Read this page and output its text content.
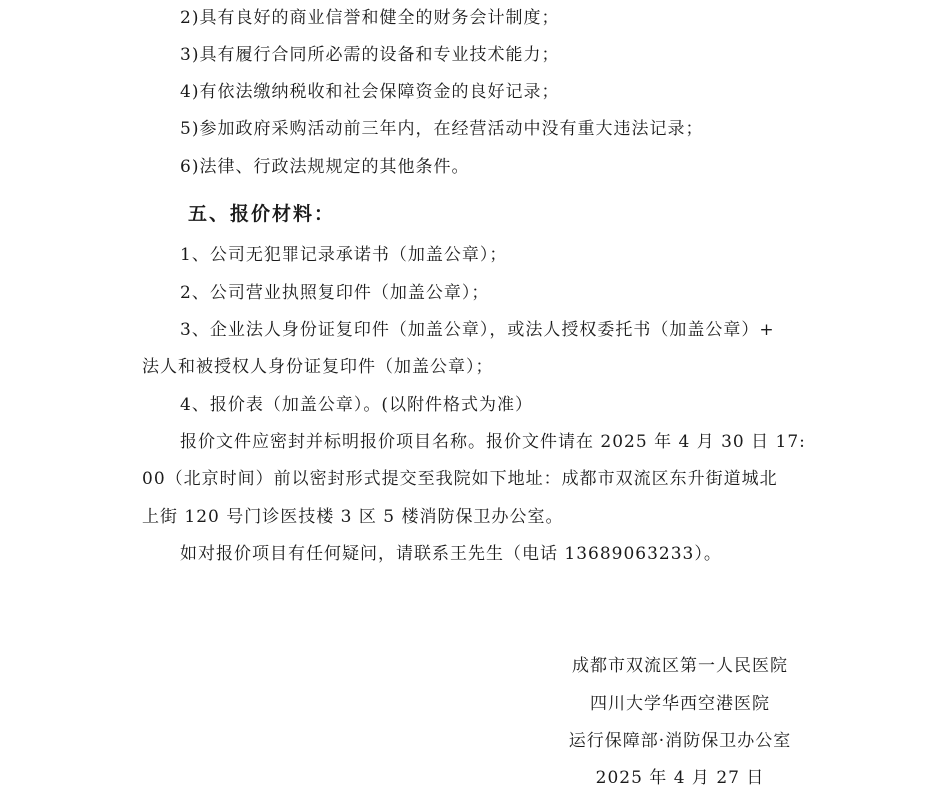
2)具有良好的商业信誉和健全的财务会计制度；
3)具有履行合同所必需的设备和专业技术能力；
4)有依法缴纳税收和社会保障资金的良好记录；
5)参加政府采购活动前三年内，在经营活动中没有重大违法记录；
6)法律、行政法规规定的其他条件。
五、报价材料：
1、公司无犯罪记录承诺书（加盖公章）；
2、公司营业执照复印件（加盖公章）；
3、企业法人身份证复印件（加盖公章），或法人授权委托书（加盖公章）+
法人和被授权人身份证复印件（加盖公章）；
4、报价表（加盖公章）。(以附件格式为准）
报价文件应密封并标明报价项目名称。报价文件请在 2025 年 4 月 30 日 17:
00（北京时间）前以密封形式提交至我院如下地址：成都市双流区东升街道城北
上街 120 号门诊医技楼 3 区 5 楼消防保卫办公室。
如对报价项目有任何疑问，请联系王先生（电话 13689063233）。
成都市双流区第一人民医院
四川大学华西空港医院
运行保障部·消防保卫办公室
2025 年 4 月 27 日
